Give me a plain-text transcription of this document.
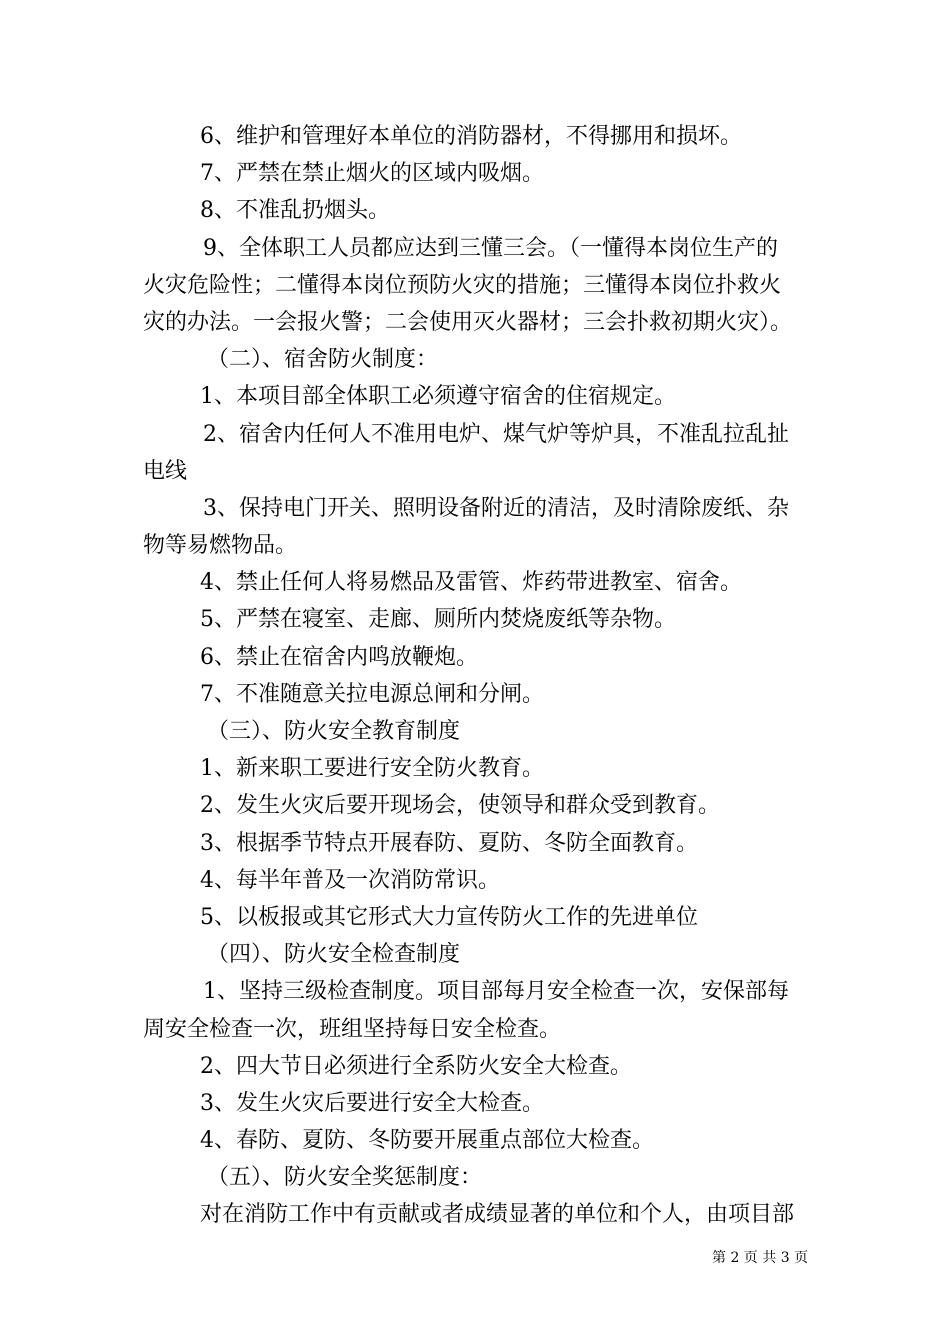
6、维护和管理好本单位的消防器材，不得挪用和损坏。
7、严禁在禁止烟火的区域内吸烟。
8、不准乱扔烟头。
9、全体职工人员都应达到三懂三会。（一懂得本岗位生产的
火灾危险性；二懂得本岗位预防火灾的措施；三懂得本岗位扑救火
灾的办法。一会报火警；二会使用灭火器材；三会扑救初期火灾）。
（二）、宿舍防火制度：
1、本项目部全体职工必须遵守宿舍的住宿规定。
2、宿舍内任何人不准用电炉、煤气炉等炉具，不准乱拉乱扯
电线
3、保持电门开关、照明设备附近的清洁，及时清除废纸、杂
物等易燃物品。
4、禁止任何人将易燃品及雷管、炸药带进教室、宿舍。
5、严禁在寝室、走廊、厕所内焚烧废纸等杂物。
6、禁止在宿舍内鸣放鞭炮。
7、不准随意关拉电源总闸和分闸。
（三）、防火安全教育制度
1、新来职工要进行安全防火教育。
2、发生火灾后要开现场会，使领导和群众受到教育。
3、根据季节特点开展春防、夏防、冬防全面教育。
4、每半年普及一次消防常识。
5、以板报或其它形式大力宣传防火工作的先进单位
（四）、防火安全检查制度
1、坚持三级检查制度。项目部每月安全检查一次，安保部每
周安全检查一次，班组坚持每日安全检查。
2、四大节日必须进行全系防火安全大检查。
3、发生火灾后要进行安全大检查。
4、春防、夏防、冬防要开展重点部位大检查。
（五）、防火安全奖惩制度：
对在消防工作中有贡献或者成绩显著的单位和个人，由项目部
第 2 页 共 3 页
